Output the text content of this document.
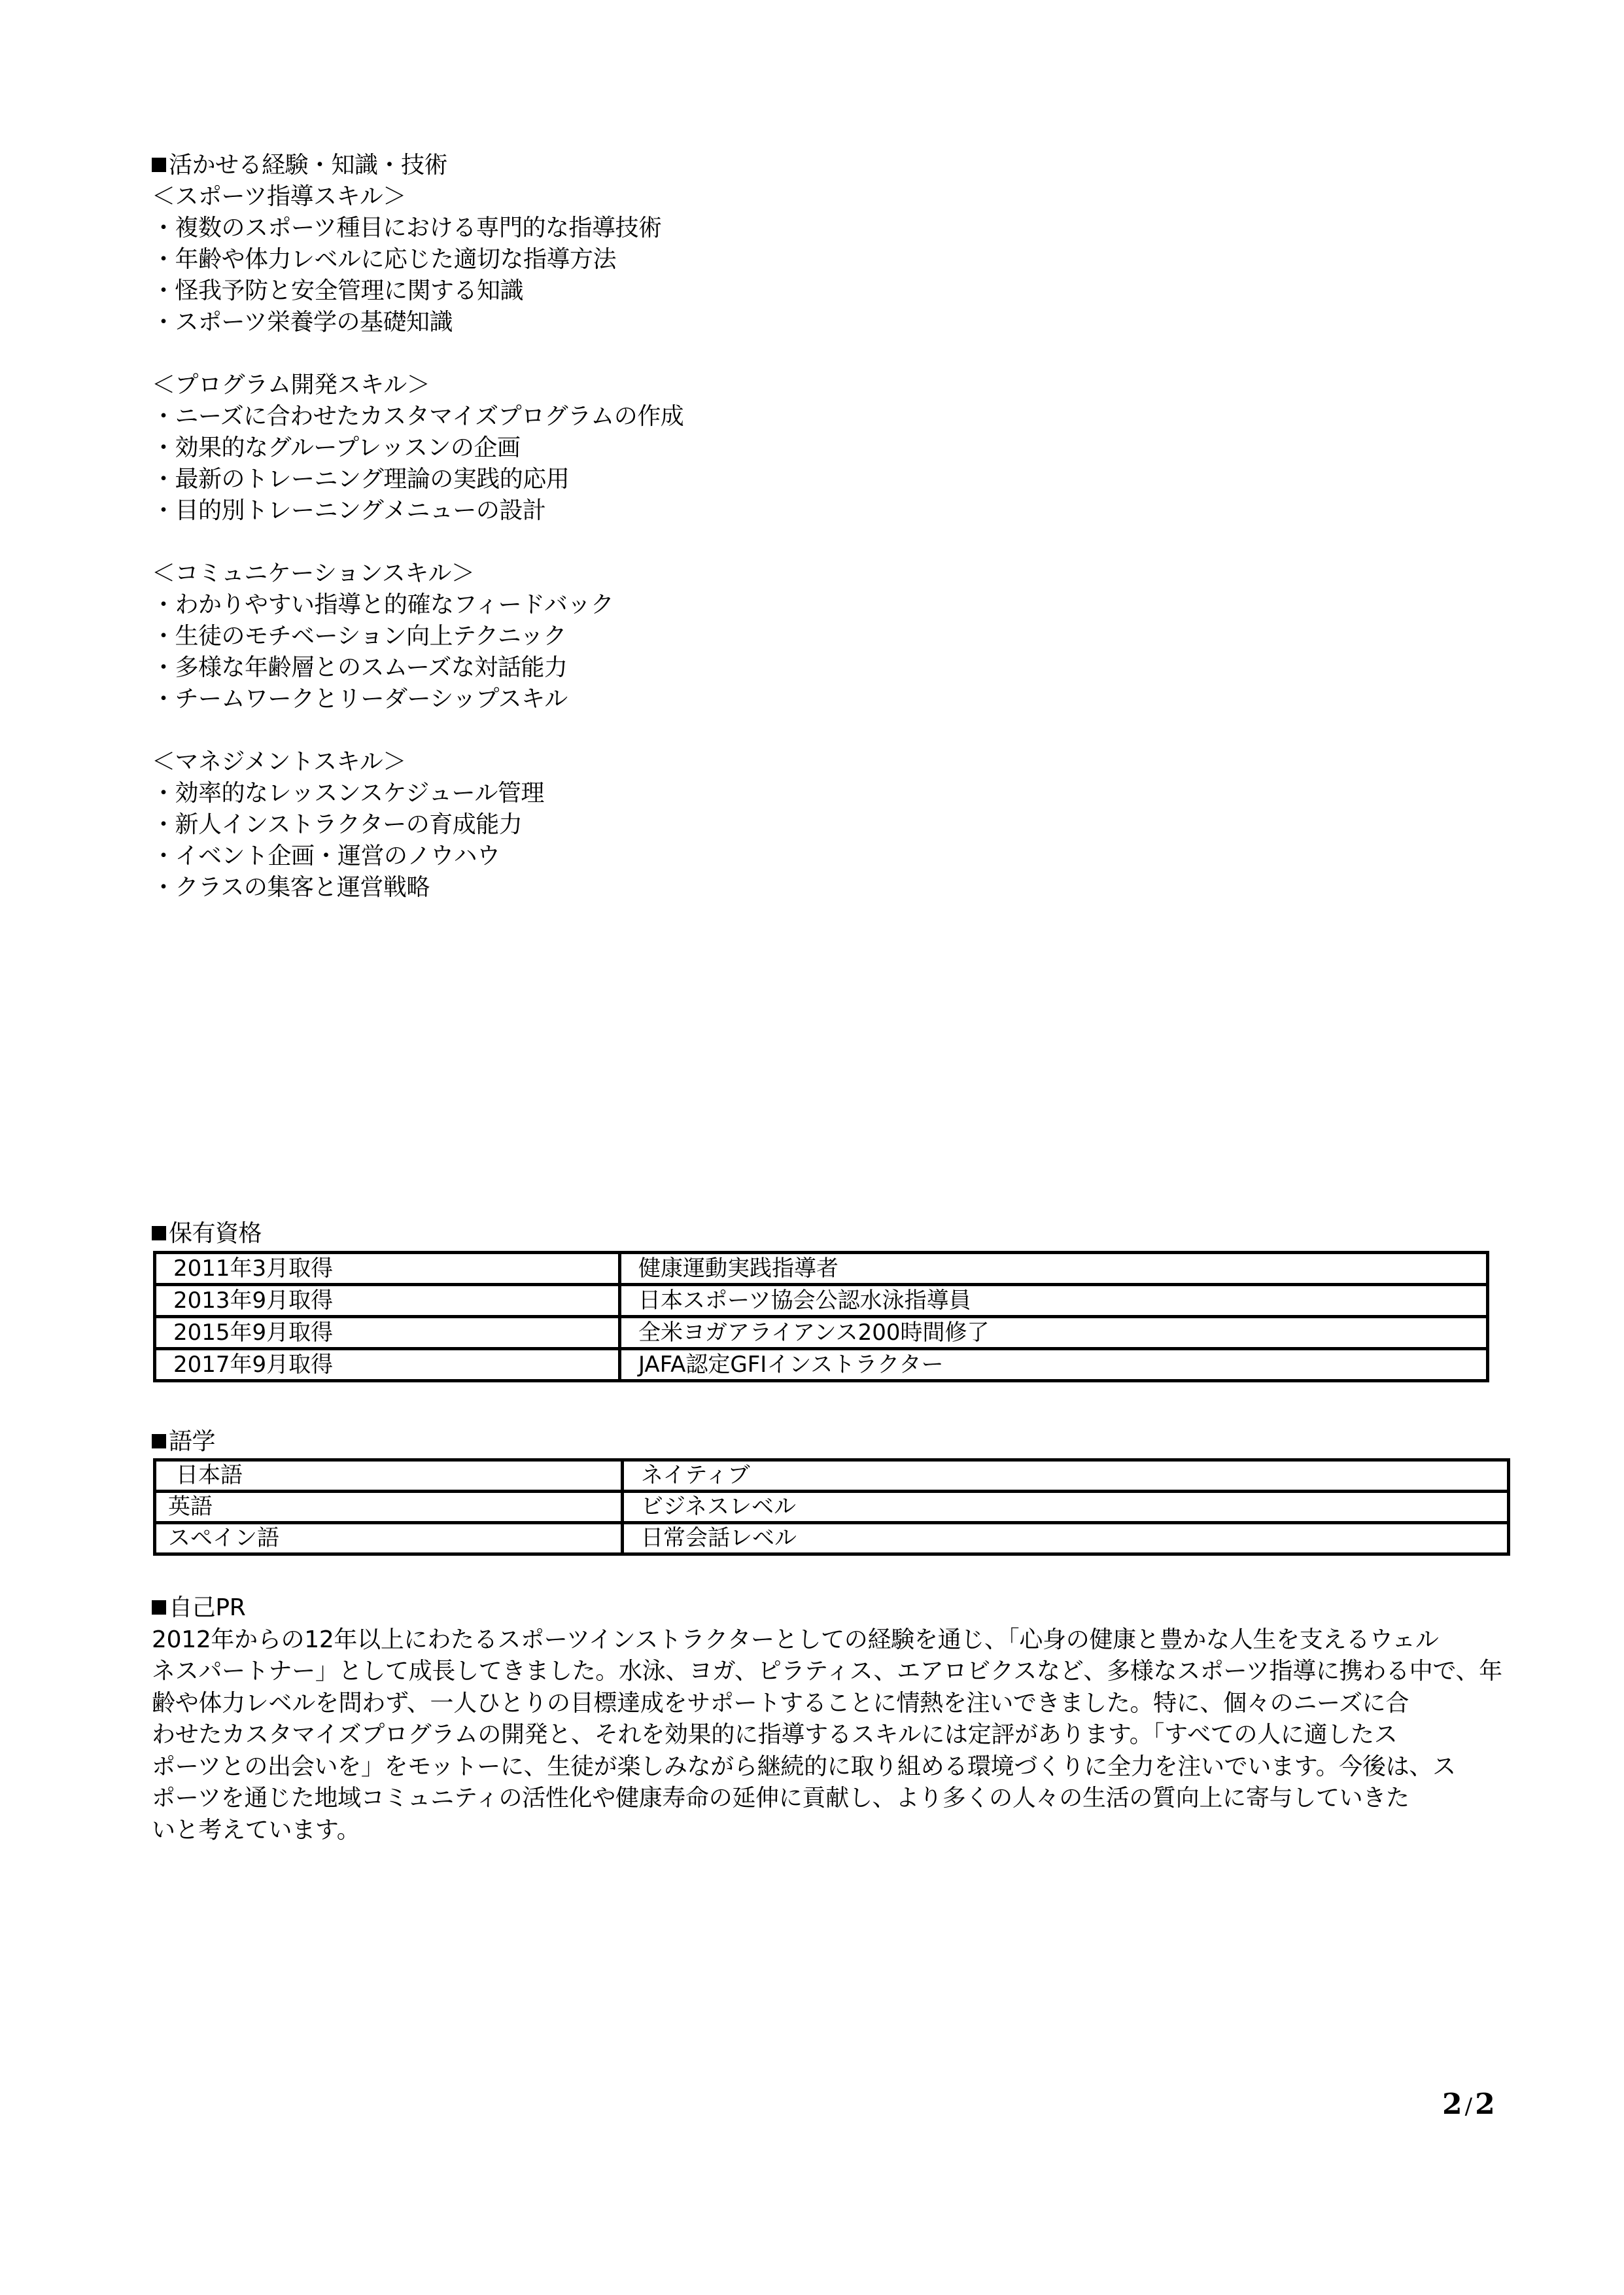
活かせる経験・知識・技術
＜スポーツ指導スキル＞
・複数のスポーツ種目における専門的な指導技術
・年齢や体力レベルに応じた適切な指導方法
・怪我予防と安全管理に関する知識
・スポーツ栄養学の基礎知識
＜プログラム開発スキル＞
・ニーズに合わせたカスタマイズプログラムの作成
・効果的なグループレッスンの企画
・最新のトレーニング理論の実践的応用
・目的別トレーニングメニューの設計
＜コミュニケーションスキル＞
・わかりやすい指導と的確なフィードバック
・生徒のモチベーション向上テクニック
・多様な年齢層とのスムーズな対話能力
・チームワークとリーダーシップスキル
＜マネジメントスキル＞
・効率的なレッスンスケジュール管理
・新人インストラクターの育成能力
・イベント企画・運営のノウハウ
・クラスの集客と運営戦略
保有資格
2011年3月取得	健康運動実践指導者
2013年9月取得	日本スポーツ協会公認水泳指導員
2015年9月取得	全米ヨガアライアンス200時間修了
2017年9月取得	JAFA認定GFIインストラクター
語学
日本語	ネイティブ
英語	ビジネスレベル
スペイン語	日常会話レベル
自己PR
2012年からの12年以上にわたるスポーツインストラクターとしての経験を通じ、「心身の健康と豊かな人生を支えるウェル
ネスパートナー」として成長してきました。水泳、ヨガ、ピラティス、エアロビクスなど、多様なスポーツ指導に携わる中で、年
齢や体力レベルを問わず、一人ひとりの目標達成をサポートすることに情熱を注いできました。特に、個々のニーズに合
わせたカスタマイズプログラムの開発と、それを効果的に指導するスキルには定評があります。「すべての人に適したス
ポーツとの出会いを」をモットーに、生徒が楽しみながら継続的に取り組める環境づくりに全力を注いでいます。今後は、ス
ポーツを通じた地域コミュニティの活性化や健康寿命の延伸に貢献し、より多くの人々の生活の質向上に寄与していきた
いと考えています。
2 /2
